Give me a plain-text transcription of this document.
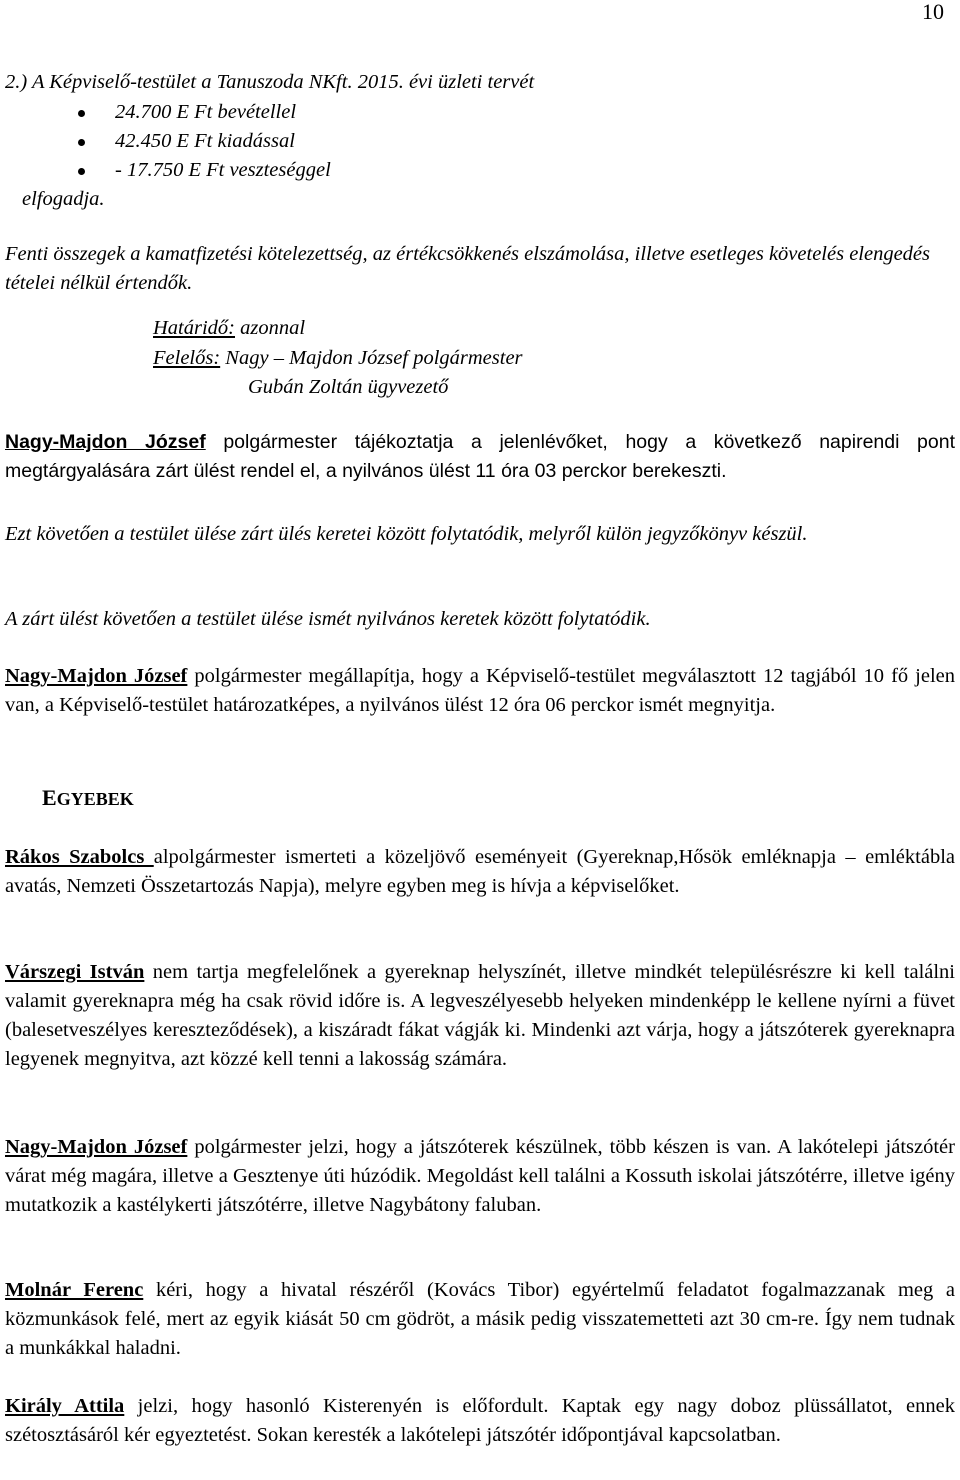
10
2.) A Képviselő-testület a Tanuszoda NKft. 2015. évi üzleti tervét
24.700 E Ft bevétellel
42.450 E Ft kiadással
- 17.750 E Ft veszteséggel
elfogadja.
Fenti összegek a kamatfizetési kötelezettség, az értékcsökkenés elszámolása, illetve esetleges követelés elengedés tételei nélkül értendők.
Határidő: azonnal
Felelős: Nagy – Majdon József polgármester
Gubán Zoltán ügyvezető
Nagy-Majdon József polgármester tájékoztatja a jelenlévőket, hogy a következő napirendi pont megtárgyalására zárt ülést rendel el, a nyilvános ülést 11 óra 03 perckor berekeszti.
Ezt követően a testület ülése zárt ülés keretei között folytatódik, melyről külön jegyzőkönyv készül.
A zárt ülést követően a testület ülése ismét nyilvános keretek között folytatódik.
Nagy-Majdon József polgármester megállapítja, hogy a Képviselő-testület megválasztott 12 tagjából 10 fő jelen van, a Képviselő-testület határozatképes, a nyilvános ülést 12 óra 06 perckor ismét megnyitja.
EGYEBEK
Rákos Szabolcs alpolgármester ismerteti a közeljövő eseményeit (Gyereknap,Hősök emléknapja – emléktábla avatás, Nemzeti Összetartozás Napja), melyre egyben meg is hívja a képviselőket.
Várszegi István nem tartja megfelelőnek a gyereknap helyszínét, illetve mindkét településrészre ki kell találni valamit gyereknapra még ha csak rövid időre is. A legveszélyesebb helyeken mindenképp le kellene nyírni a füvet (balesetveszélyes kereszteződések), a kiszáradt fákat vágják ki. Mindenki azt várja, hogy a játszóterek gyereknapra legyenek megnyitva, azt közzé kell tenni a lakosság számára.
Nagy-Majdon József polgármester jelzi, hogy a játszóterek készülnek, több készen is van. A lakótelepi játszótér várat még magára, illetve a Gesztenye úti húzódik. Megoldást kell találni a Kossuth iskolai játszótérre, illetve igény mutatkozik a kastélykerti játszótérre, illetve Nagybátony faluban.
Molnár Ferenc kéri, hogy a hivatal részéről (Kovács Tibor) egyértelmű feladatot fogalmazzanak meg a közmunkások felé, mert az egyik kiását 50 cm gödröt, a másik pedig visszatemetteti azt 30 cm-re. Így nem tudnak a munkákkal haladni.
Király Attila jelzi, hogy hasonló Kisterenyén is előfordult. Kaptak egy nagy doboz plüssállatot, ennek szétosztásáról kér egyeztetést. Sokan keresték a lakótelepi játszótér időpontjával kapcsolatban.
